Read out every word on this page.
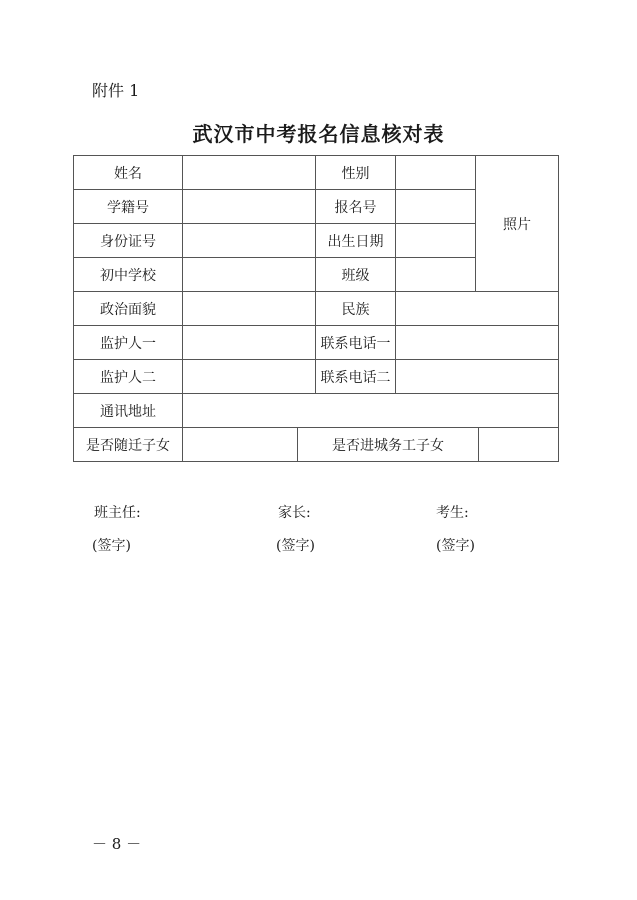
附件 1
武汉市中考报名信息核对表
姓名			性别		照片	
学籍号			报名号			
身份证号			出生日期			
初中学校			班级			
政治面貌			民族			
监护人一			联系电话一			
监护人二			联系电话二			
通讯地址						
是否随迁子女		是否进城务工子女				
班主任:	家长:	考生:
(签字)	(签字)	(签字)
－ 8 －
